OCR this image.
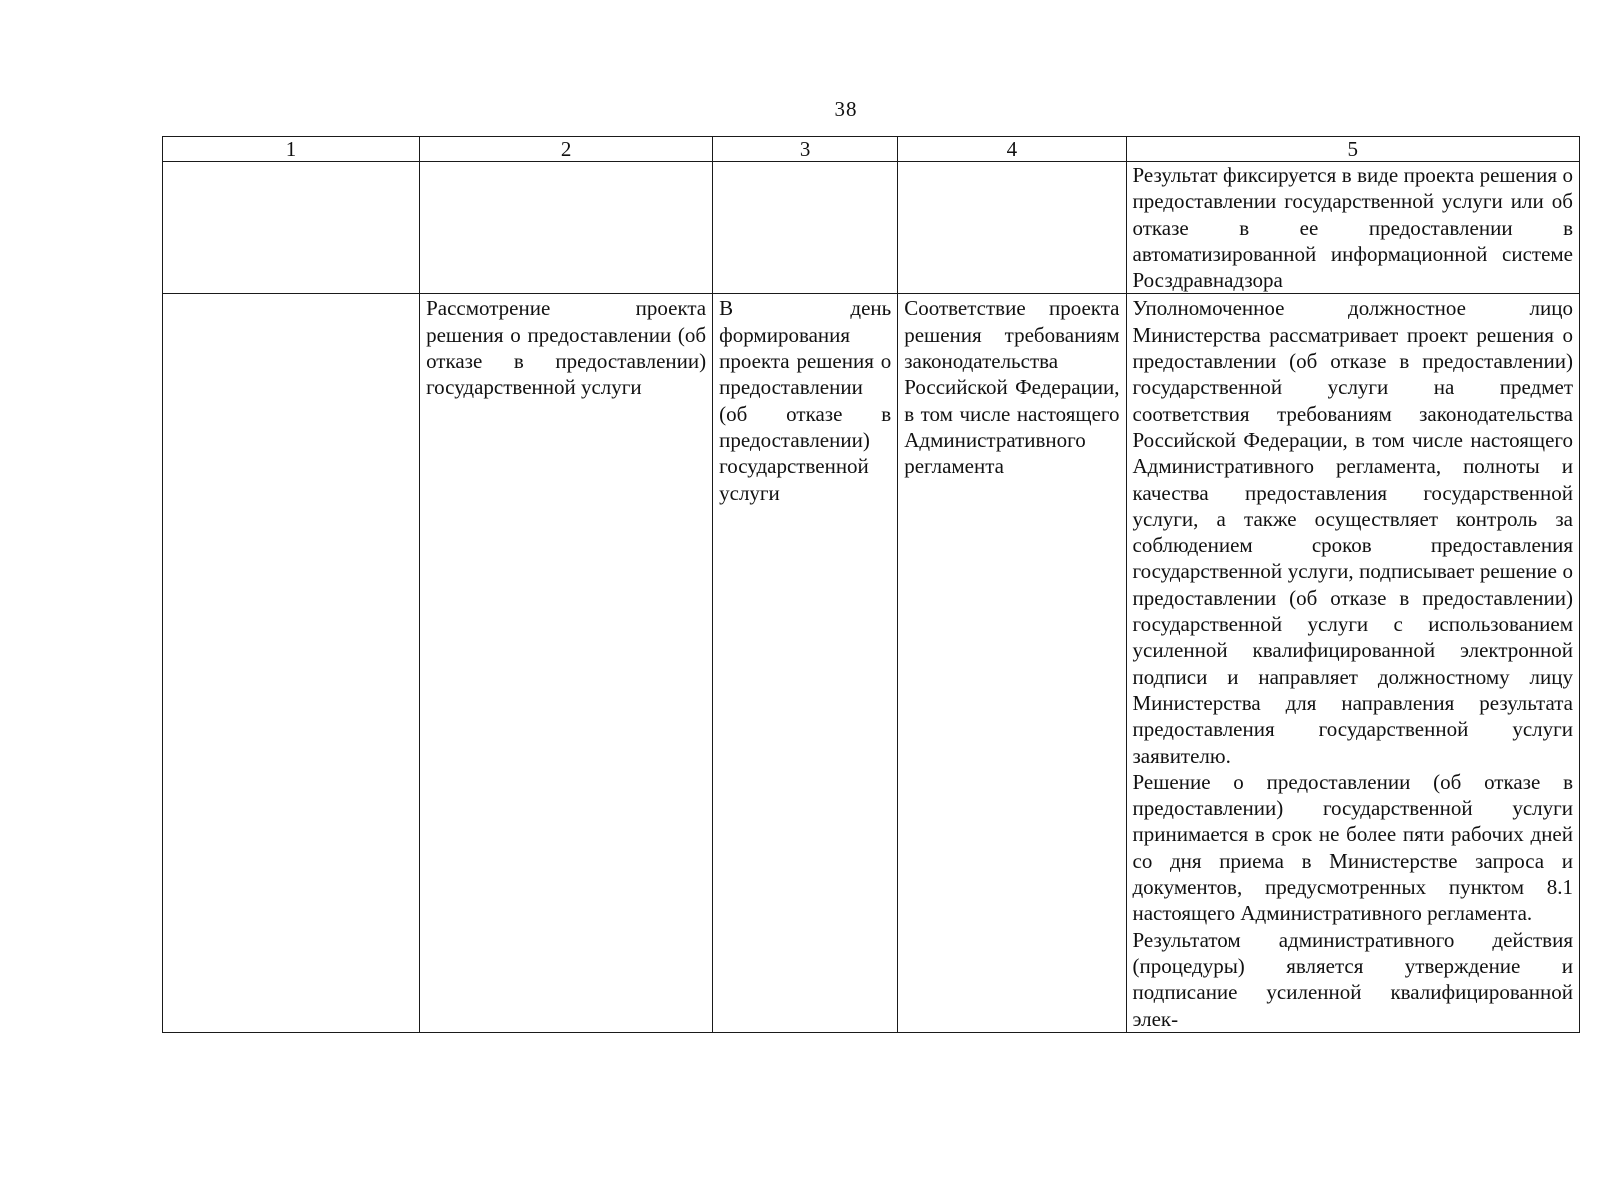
38
1	2	3	4	5

				Результат фиксируется в виде проекта решения о предоставлении государственной услуги или об отказе в ее предоставлении в автоматизированной информационной системе Росздравнадзора

	Рассмотрение проекта решения о предоставлении (об отказе в предоставлении) государственной услуги	В день формирования проекта решения о предоставлении (об отказе в предоставлении) государственной услуги	Соответствие проекта решения требованиям законодательства Российской Федерации, в том числе настоящего Административного регламента	Уполномоченное должностное лицо Министерства рассматривает проект решения о предоставлении (об отказе в предоставлении) государственной услуги на предмет соответствия требованиям законодательства Российской Федерации, в том числе настоящего Административного регламента, полноты и качества предоставления государственной услуги, а также осуществляет контроль за соблюдением сроков предоставления государственной услуги, подписывает решение о предоставлении (об отказе в предоставлении) государственной услуги с использованием усиленной квалифицированной электронной подписи и направляет должностному лицу Министерства для направления результата предоставления государственной услуги заявителю.
Решение о предоставлении (об отказе в предоставлении) государственной услуги принимается в срок не более пяти рабочих дней со дня приема в Министерстве запроса и документов, предусмотренных пунктом 8.1 настоящего Административного регламента.
Результатом административного действия (процедуры) является утверждение и подписание усиленной квалифицированной элек-
